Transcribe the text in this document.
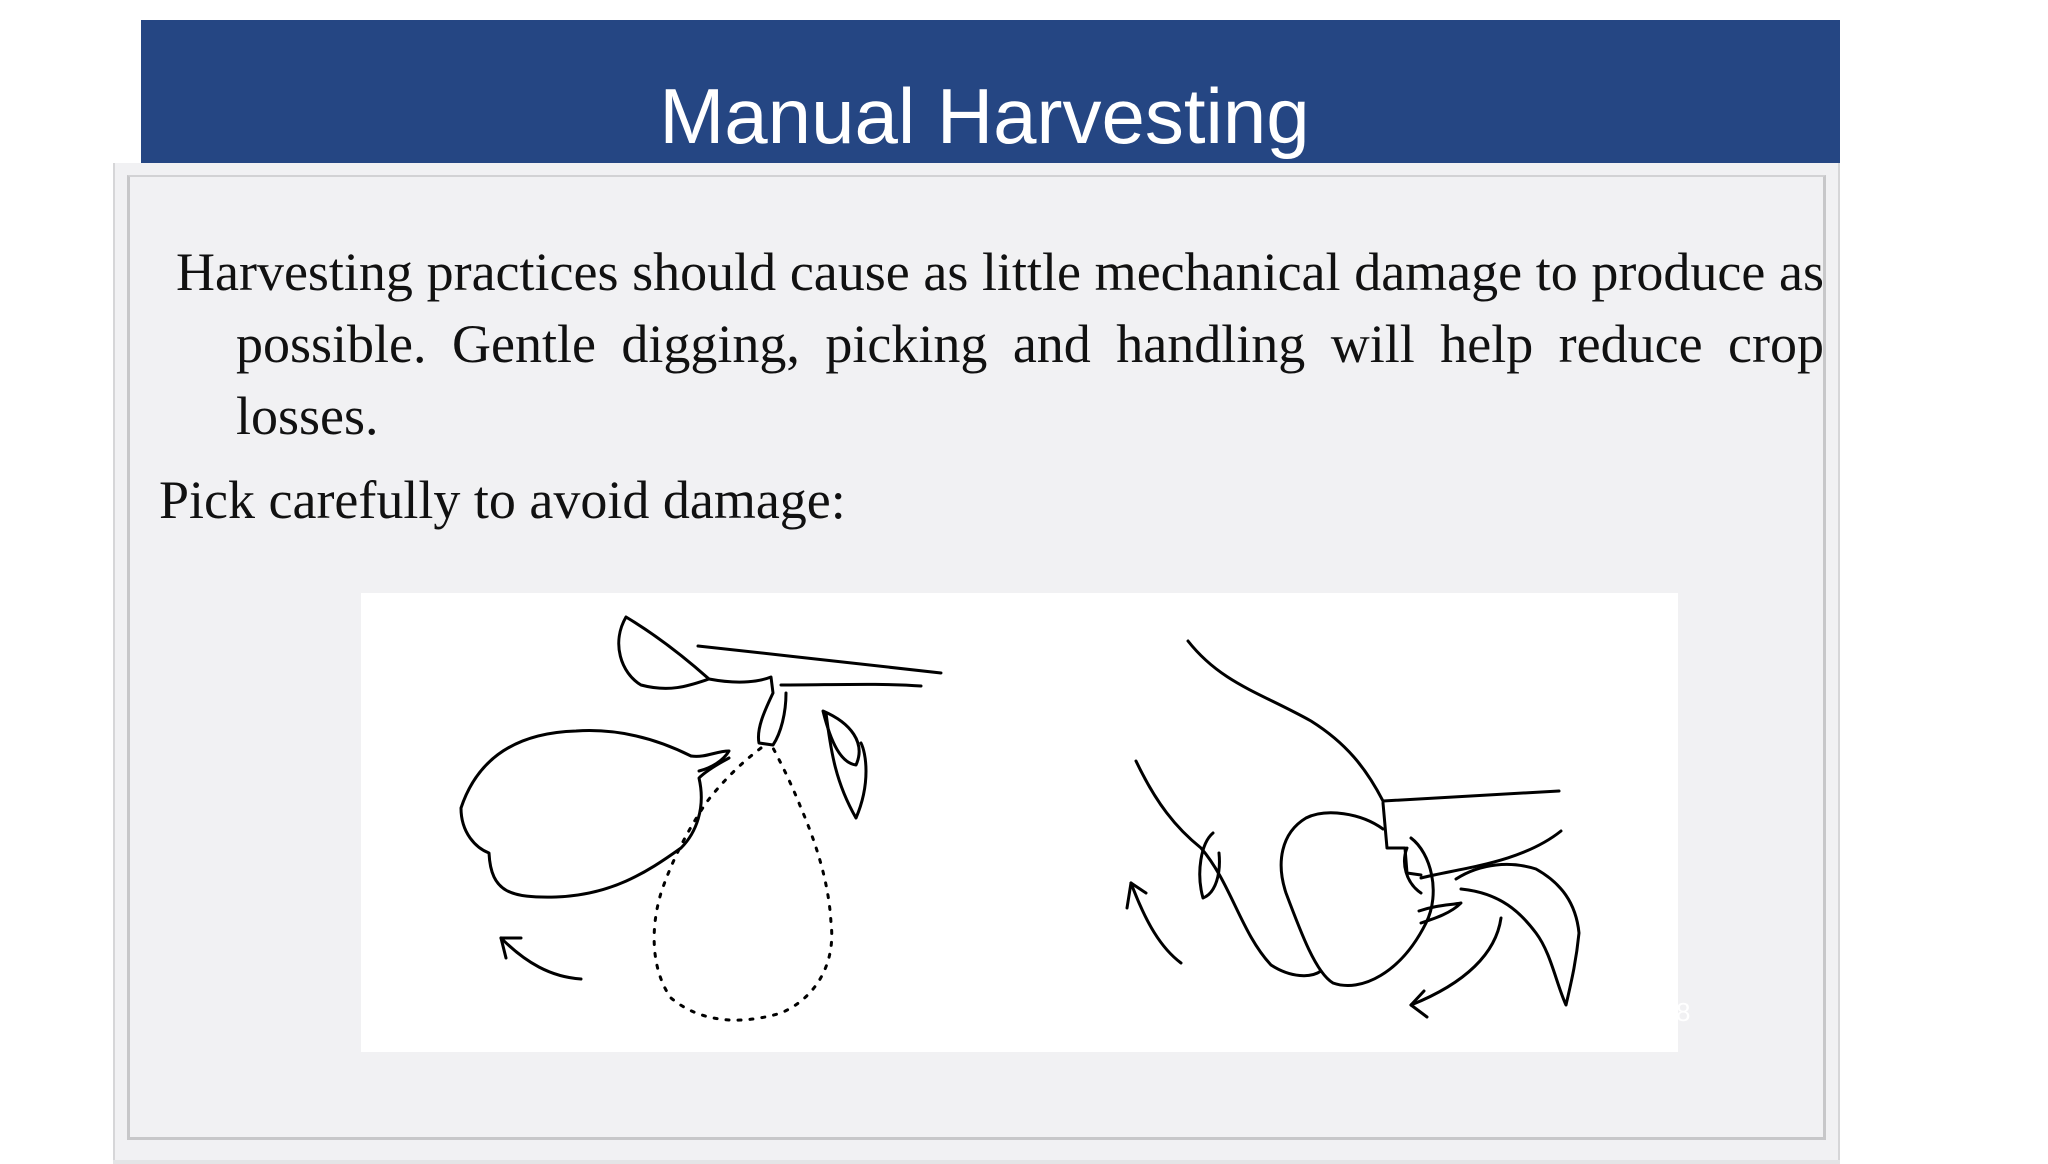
Manual Harvesting

Harvesting practices should cause as little mechanical damage to produce as possible. Gentle digging, picking and handling will help reduce crop losses.

Pick carefully to avoid damage:

8
